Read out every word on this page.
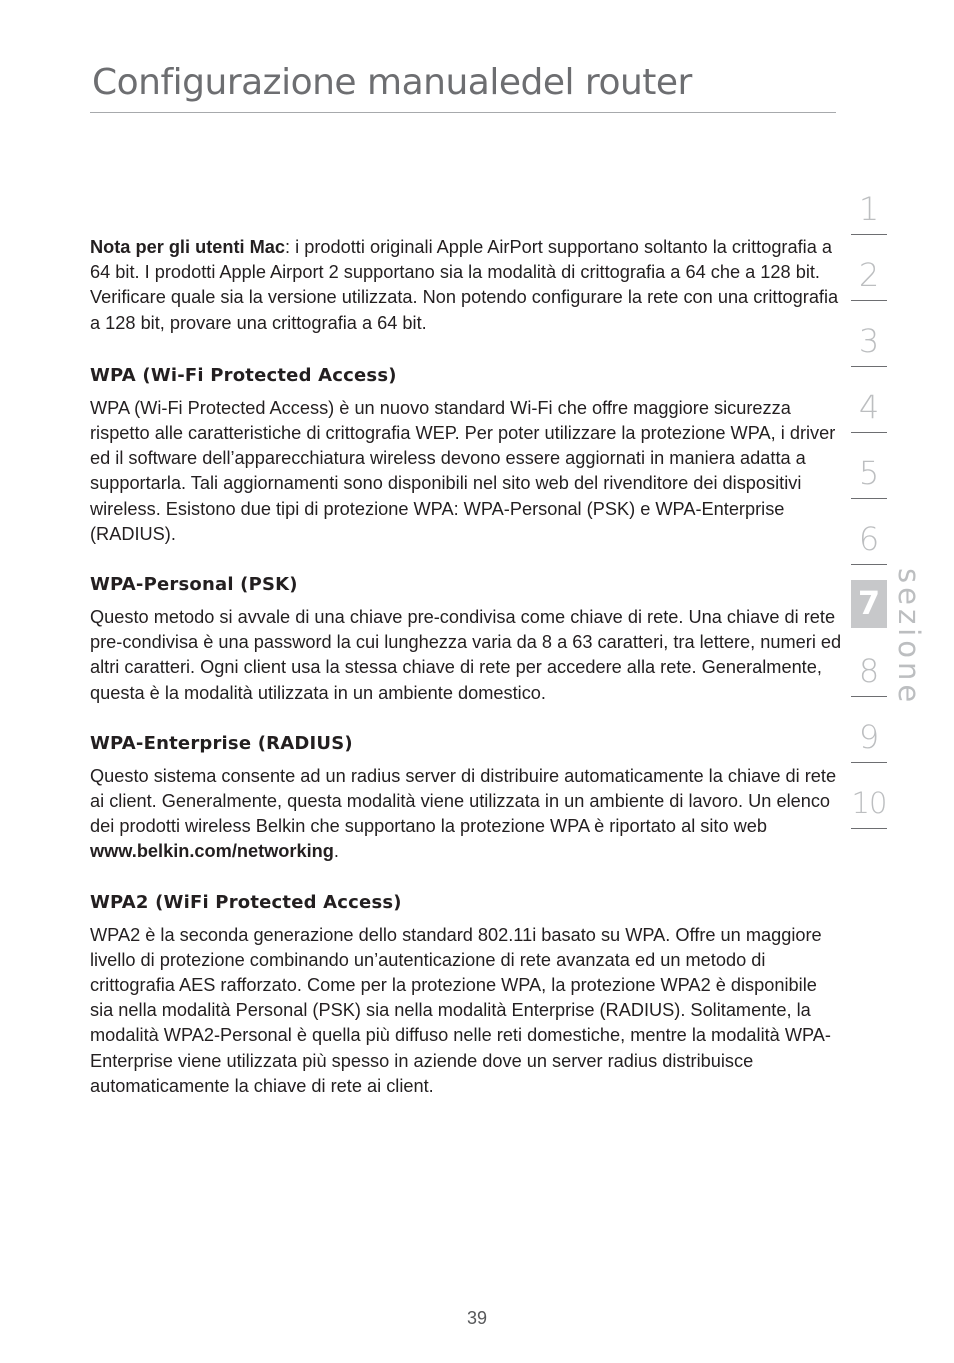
Configurazione manualedel router

Nota per gli utenti Mac: i prodotti originali Apple AirPort supportano soltanto la crittografia a 64 bit. I prodotti Apple Airport 2 supportano sia la modalità di crittografia a 64 che a 128 bit. Verificare quale sia la versione utilizzata. Non potendo configurare la rete con una crittografia a 128 bit, provare una crittografia a 64 bit.

WPA (Wi-Fi Protected Access)

WPA (Wi-Fi Protected Access) è un nuovo standard Wi-Fi che offre maggiore sicurezza rispetto alle caratteristiche di crittografia WEP. Per poter utilizzare la protezione WPA, i driver ed il software dell’apparecchiatura wireless devono essere aggiornati in maniera adatta a supportarla. Tali aggiornamenti sono disponibili nel sito web del rivenditore dei dispositivi wireless. Esistono due tipi di protezione WPA: WPA-Personal (PSK) e WPA-Enterprise (RADIUS).

WPA-Personal (PSK)

Questo metodo si avvale di una chiave pre-condivisa come chiave di rete. Una chiave di rete pre-condivisa è una password la cui lunghezza varia da 8 a 63 caratteri, tra lettere, numeri ed altri caratteri. Ogni client usa la stessa chiave di rete per accedere alla rete. Generalmente, questa è la modalità utilizzata in un ambiente domestico.

WPA-Enterprise (RADIUS)

Questo sistema consente ad un radius server di distribuire automaticamente la chiave di rete ai client. Generalmente, questa modalità viene utilizzata in un ambiente di lavoro. Un elenco dei prodotti wireless Belkin che supportano la protezione WPA è riportato al sito web www.belkin.com/networking.

WPA2 (WiFi Protected Access)

WPA2 è la seconda generazione dello standard 802.11i basato su WPA. Offre un maggiore livello di protezione combinando un’autenticazione di rete avanzata ed un metodo di crittografia AES rafforzato. Come per la protezione WPA, la protezione WPA2 è disponibile sia nella modalità Personal (PSK) sia nella modalità Enterprise (RADIUS). Solitamente, la modalità WPA2-Personal è quella più diffuso nelle reti domestiche, mentre la modalità WPA-Enterprise viene utilizzata più spesso in aziende dove un server radius distribuisce automaticamente la chiave di rete ai client.

1
2
3
4
5
6
7
8
9
10
sezione
39
